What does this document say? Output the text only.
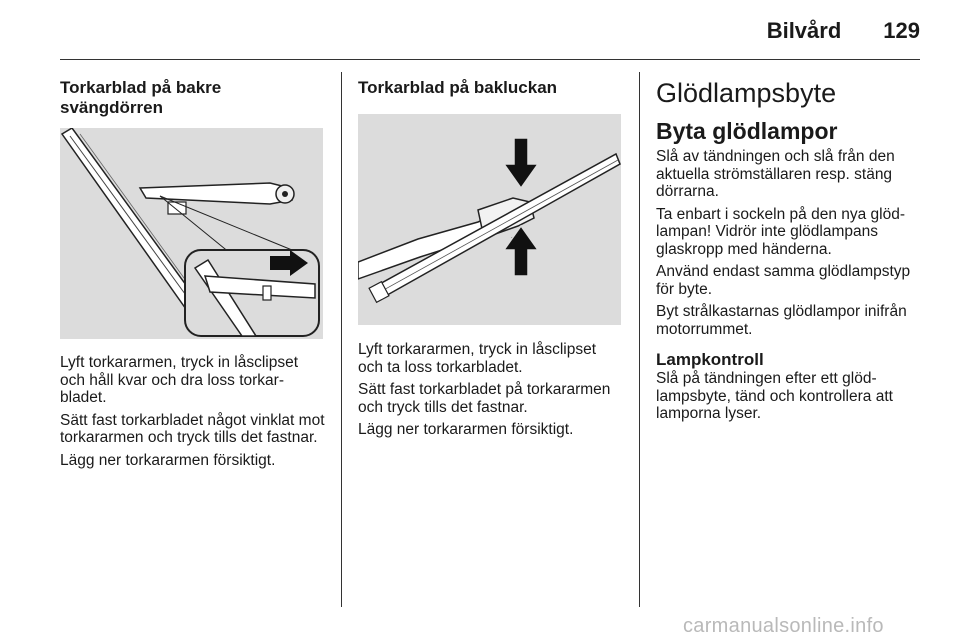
Bilvård 129
Torkarblad på bakre svängdörren

Lyft torkararmen, tryck in låsclipset och håll kvar och dra loss torkar-bladet.

Sätt fast torkarbladet något vinklat mot torkararmen och tryck tills det fastnar.

Lägg ner torkararmen försiktigt.

Torkarblad på bakluckan

Lyft torkararmen, tryck in låsclipset och ta loss torkarbladet.

Sätt fast torkarbladet på torkararmen och tryck tills det fastnar.

Lägg ner torkararmen försiktigt.

Glödlampsbyte
Byta glödlampor

Slå av tändningen och slå från den aktuella strömställaren resp. stäng dörrarna.

Ta enbart i sockeln på den nya glöd-lampan! Vidrör inte glödlampans glaskropp med händerna.

Använd endast samma glödlampstyp för byte.

Byt strålkastarnas glödlampor inifrån motorrummet.

Lampkontroll

Slå på tändningen efter ett glöd-lampsbyte, tänd och kontrollera att lamporna lyser.

carmanualsonline.info
